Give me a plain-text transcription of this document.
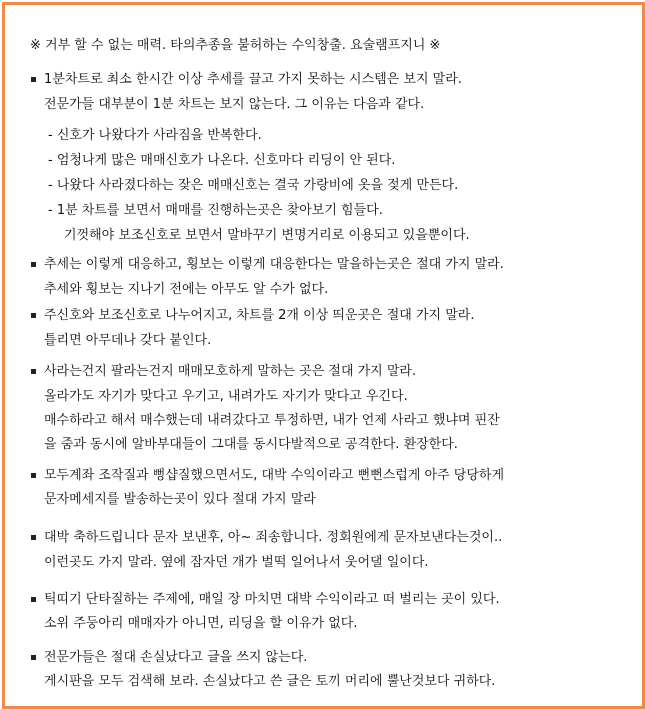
※ 거부 할 수 없는 매력. 타의추종을 불허하는 수익창출. 요술램프지니 ※
1분차트로 최소 한시간 이상 추세를 끌고 가지 못하는 시스템은 보지 말라.
전문가들 대부분이 1분 차트는 보지 않는다. 그 이유는 다음과 같다.
- 신호가 나왔다가 사라짐을 반복한다.
- 엄청나게 많은 매매신호가 나온다. 신호마다 리딩이 안 된다.
- 나왔다 사라졌다하는 잦은 매매신호는 결국 가랑비에 옷을 젖게 만든다.
- 1분 차트를 보면서 매매를 진행하는곳은 찾아보기 힘들다.
기껏해야 보조신호로 보면서 말바꾸기 변명거리로 이용되고 있을뿐이다.
추세는 이렇게 대응하고, 횡보는 이렇게 대응한다는 말을하는곳은 절대 가지 말라.
추세와 횡보는 지나기 전에는 아무도 알 수가 없다.
주신호와 보조신호로 나누어지고, 차트를 2개 이상 띄운곳은 절대 가지 말라.
틀리면 아무데나 갖다 붙인다.
사라는건지 팔라는건지 매매모호하게 말하는 곳은 절대 가지 말라.
올라가도 자기가 맞다고 우기고, 내려가도 자기가 맞다고 우긴다.
매수하라고 해서 매수했는데 내려갔다고 투정하면, 내가 언제 사라고 했냐며 핀잔
을 줌과 동시에 알바부대들이 그대를 동시다발적으로 공격한다. 환장한다.
모두계좌 조작질과 뻥샵질했으면서도, 대박 수익이라고 뻔뻔스럽게 아주 당당하게
문자메세지를 발송하는곳이 있다 절대 가지 말라
대박 축하드립니다 문자 보낸후, 아~ 죄송합니다. 정회원에게 문자보낸다는것이..
이런곳도 가지 말라. 옆에 잠자던 개가 벌떡 일어나서 웃어댈 일이다.
틱띠기 단타질하는 주제에, 매일 장 마치면 대박 수익이라고 떠 벌리는 곳이 있다.
소위 주둥아리 매매자가 아니면, 리딩을 할 이유가 없다.
전문가들은 절대 손실났다고 글을 쓰지 않는다.
게시판을 모두 검색해 보라. 손실났다고 쓴 글은 토끼 머리에 뿔난것보다 귀하다.
